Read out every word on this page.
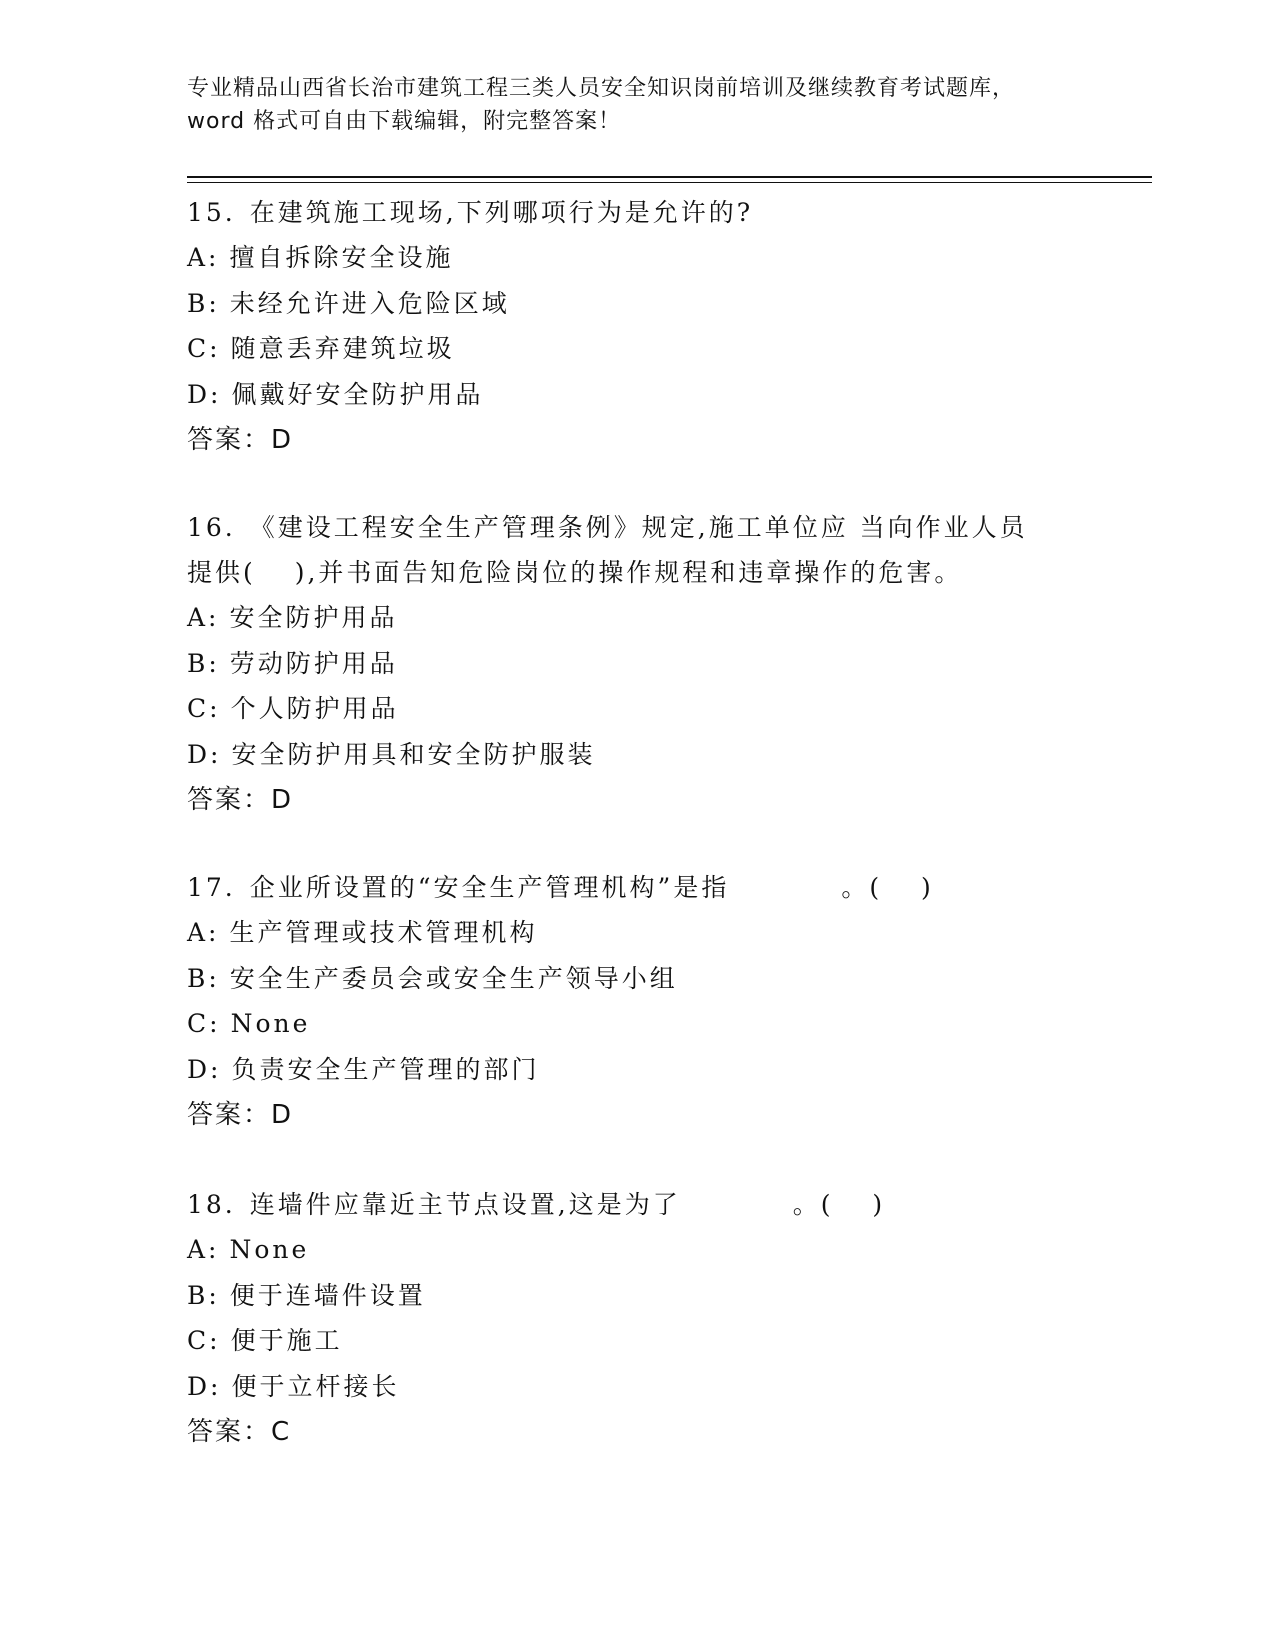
专业精品山西省长治市建筑工程三类人员安全知识岗前培训及继续教育考试题库，
word 格式可自由下载编辑，附完整答案！

15. 在建筑施工现场,下列哪项行为是允许的?

A: 擅自拆除安全设施

B: 未经允许进入危险区域

C: 随意丢弃建筑垃圾

D: 佩戴好安全防护用品

答案：D

16. 《建设工程安全生产管理条例》规定,施工单位应 当向作业人员

提供(　 ),并书面告知危险岗位的操作规程和违章操作的危害。

A: 安全防护用品

B: 劳动防护用品

C: 个人防护用品

D: 安全防护用具和安全防护服装

答案：D

17. 企业所设置的“安全生产管理机构”是指　　　　。(　 )

A: 生产管理或技术管理机构

B: 安全生产委员会或安全生产领导小组

C: None

D: 负责安全生产管理的部门

答案：D

18. 连墙件应靠近主节点设置,这是为了　　　　。(　 )

A: None

B: 便于连墙件设置

C: 便于施工

D: 便于立杆接长

答案：C
